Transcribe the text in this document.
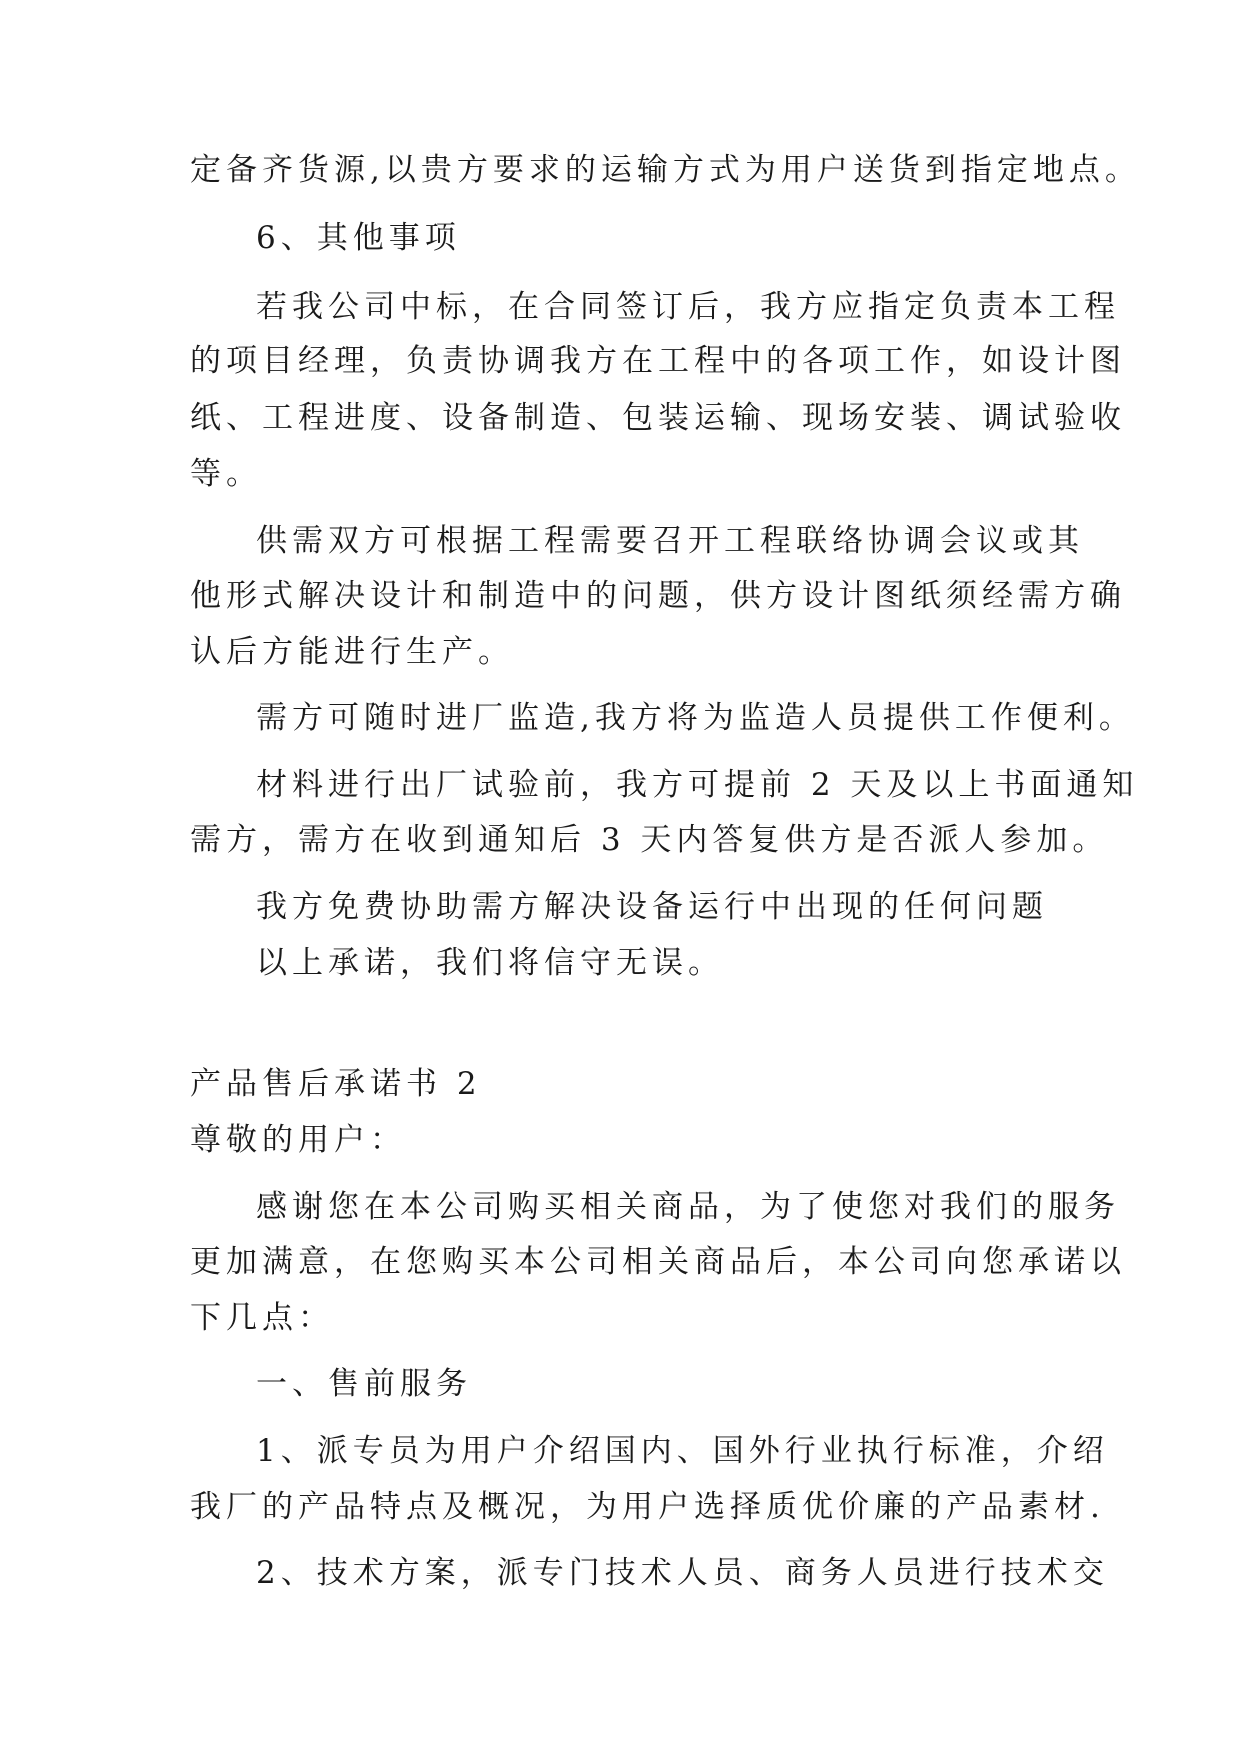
定备齐货源,以贵方要求的运输方式为用户送货到指定地点。
6、其他事项
若我公司中标，在合同签订后，我方应指定负责本工程
的项目经理，负责协调我方在工程中的各项工作，如设计图
纸、工程进度、设备制造、包装运输、现场安装、调试验收
等。
供需双方可根据工程需要召开工程联络协调会议或其
他形式解决设计和制造中的问题，供方设计图纸须经需方确
认后方能进行生产。
需方可随时进厂监造,我方将为监造人员提供工作便利。
材料进行出厂试验前，我方可提前 2 天及以上书面通知
需方，需方在收到通知后 3 天内答复供方是否派人参加。
我方免费协助需方解决设备运行中出现的任何问题
以上承诺，我们将信守无误。
产品售后承诺书 2
尊敬的用户：
感谢您在本公司购买相关商品，为了使您对我们的服务
更加满意，在您购买本公司相关商品后，本公司向您承诺以
下几点：
一、售前服务
1、派专员为用户介绍国内、国外行业执行标准，介绍
我厂的产品特点及概况，为用户选择质优价廉的产品素材.
2、技术方案，派专门技术人员、商务人员进行技术交
